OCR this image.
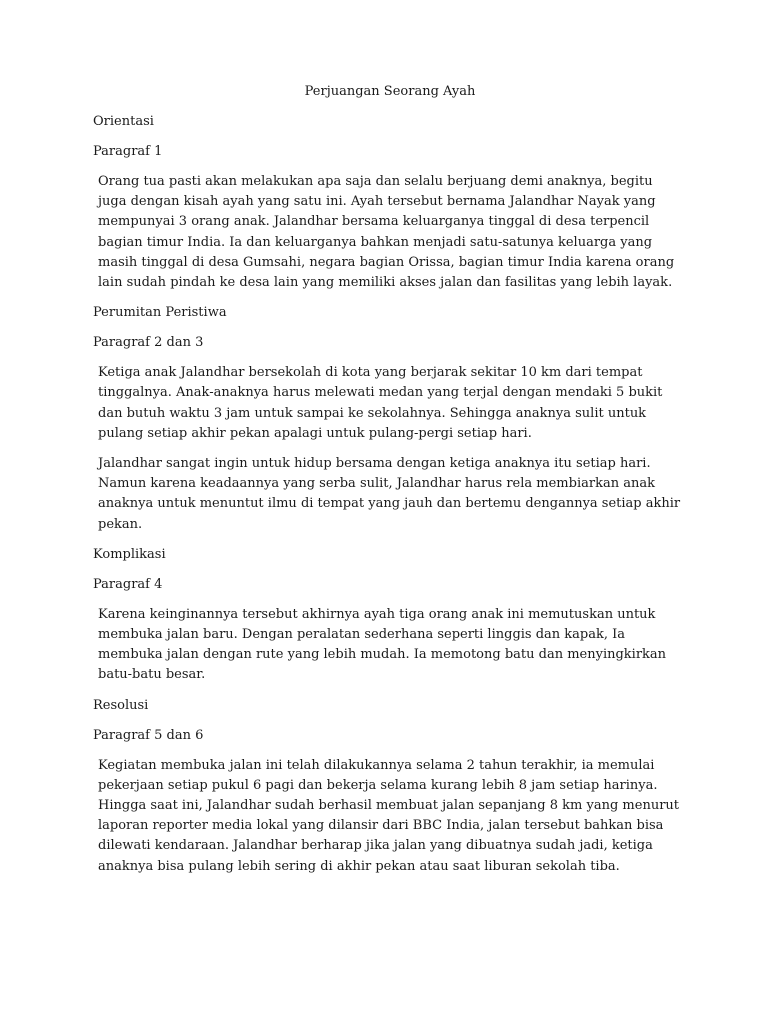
Perjuangan Seorang Ayah
Orientasi
Paragraf 1
Orang tua pasti akan melakukan apa saja dan selalu berjuang demi anaknya, begitu
juga dengan kisah ayah yang satu ini. Ayah tersebut bernama Jalandhar Nayak yang
mempunyai 3 orang anak. Jalandhar bersama keluarganya tinggal di desa terpencil
bagian timur India. Ia dan keluarganya bahkan menjadi satu-satunya keluarga yang
masih tinggal di desa Gumsahi, negara bagian Orissa, bagian timur India karena orang
lain sudah pindah ke desa lain yang memiliki akses jalan dan fasilitas yang lebih layak.
Perumitan Peristiwa
Paragraf 2 dan 3
Ketiga anak Jalandhar bersekolah di kota yang berjarak sekitar 10 km dari tempat
tinggalnya. Anak-anaknya harus melewati medan yang terjal dengan mendaki 5 bukit
dan butuh waktu 3 jam untuk sampai ke sekolahnya. Sehingga anaknya sulit untuk
pulang setiap akhir pekan apalagi untuk pulang-pergi setiap hari.
Jalandhar sangat ingin untuk hidup bersama dengan ketiga anaknya itu setiap hari.
Namun karena keadaannya yang serba sulit, Jalandhar harus rela membiarkan anak
anaknya untuk menuntut ilmu di tempat yang jauh dan bertemu dengannya setiap akhir
pekan.
Komplikasi
Paragraf 4
Karena keinginannya tersebut akhirnya ayah tiga orang anak ini memutuskan untuk
membuka jalan baru. Dengan peralatan sederhana seperti linggis dan kapak, Ia
membuka jalan dengan rute yang lebih mudah. Ia memotong batu dan menyingkirkan
batu-batu besar.
Resolusi
Paragraf 5 dan 6
Kegiatan membuka jalan ini telah dilakukannya selama 2 tahun terakhir, ia memulai
pekerjaan setiap pukul 6 pagi dan bekerja selama kurang lebih 8 jam setiap harinya.
Hingga saat ini, Jalandhar sudah berhasil membuat jalan sepanjang 8 km yang menurut
laporan reporter media lokal yang dilansir dari BBC India, jalan tersebut bahkan bisa
dilewati kendaraan. Jalandhar berharap jika jalan yang dibuatnya sudah jadi, ketiga
anaknya bisa pulang lebih sering di akhir pekan atau saat liburan sekolah tiba.
